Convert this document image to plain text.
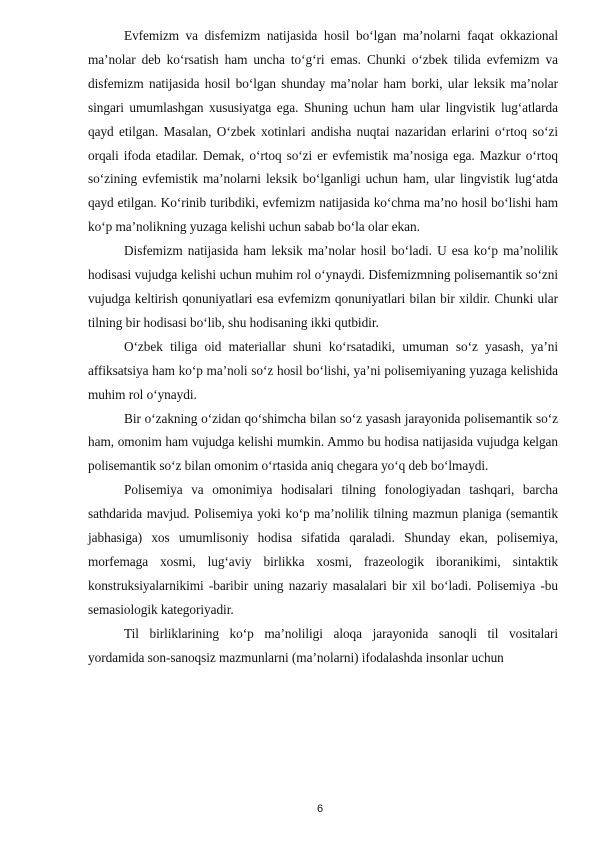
Evfemizm va disfemizm natijasida hosil bo‘lgan ma’nolarni faqat okkazional ma’nolar deb ko‘rsatish ham uncha to‘g‘ri emas. Chunki o‘zbek tilida evfemizm va disfemizm natijasida hosil bo‘lgan shunday ma’nolar ham borki, ular leksik ma’nolar singari umumlashgan xususiyatga ega. Shuning uchun ham ular lingvistik lug‘atlarda qayd etilgan. Masalan, O‘zbek xotinlari andisha nuqtai nazaridan erlarini o‘rtoq so‘zi orqali ifoda etadilar. Demak, o‘rtoq so‘zi er evfemistik ma’nosiga ega. Mazkur o‘rtoq so‘zining evfemistik ma’nolarni leksik bo‘lganligi uchun ham, ular lingvistik lug‘atda qayd etilgan. Ko‘rinib turibdiki, evfemizm natijasida ko‘chma ma’no hosil bo‘lishi ham ko‘p ma’nolikning yuzaga kelishi uchun sabab bo‘la olar ekan.

Disfemizm natijasida ham leksik ma’nolar hosil bo‘ladi. U esa ko‘p ma’nolilik hodisasi vujudga kelishi uchun muhim rol o‘ynaydi. Disfemizmning polisemantik so‘zni vujudga keltirish qonuniyatlari esa evfemizm qonuniyatlari bilan bir xildir. Chunki ular tilning bir hodisasi bo‘lib, shu hodisaning ikki qutbidir.

O‘zbek tiliga oid materiallar shuni ko‘rsatadiki, umuman so‘z yasash, ya’ni affiksatsiya ham ko‘p ma’noli so‘z hosil bo‘lishi, ya’ni polisemiyaning yuzaga kelishida muhim rol o‘ynaydi.

Bir o‘zakning o‘zidan qo‘shimcha bilan so‘z yasash jarayonida polisemantik so‘z ham, omonim ham vujudga kelishi mumkin. Ammo bu hodisa natijasida vujudga kelgan polisemantik so‘z bilan omonim o‘rtasida aniq chegara yo‘q deb bo‘lmaydi.

Polisemiya va omonimiya hodisalari tilning fonologiyadan tashqari, barcha sathdarida mavjud. Polisemiya yoki ko‘p ma’nolilik tilning mazmun planiga (semantik jabhasiga) xos umumlisoniy hodisa sifatida qaraladi. Shunday ekan, polisemiya, morfemaga xosmi, lug‘aviy birlikka xosmi, frazeologik iboranikimi, sintaktik konstruksiyalarnikimi -baribir uning nazariy masalalari bir xil bo‘ladi. Polisemiya -bu semasiologik kategoriyadir.

Til birliklarining ko‘p ma’noliligi aloqa jarayonida sanoqli til vositalari yordamida son-sanoqsiz mazmunlarni (ma’nolarni) ifodalashda insonlar uchun

6
